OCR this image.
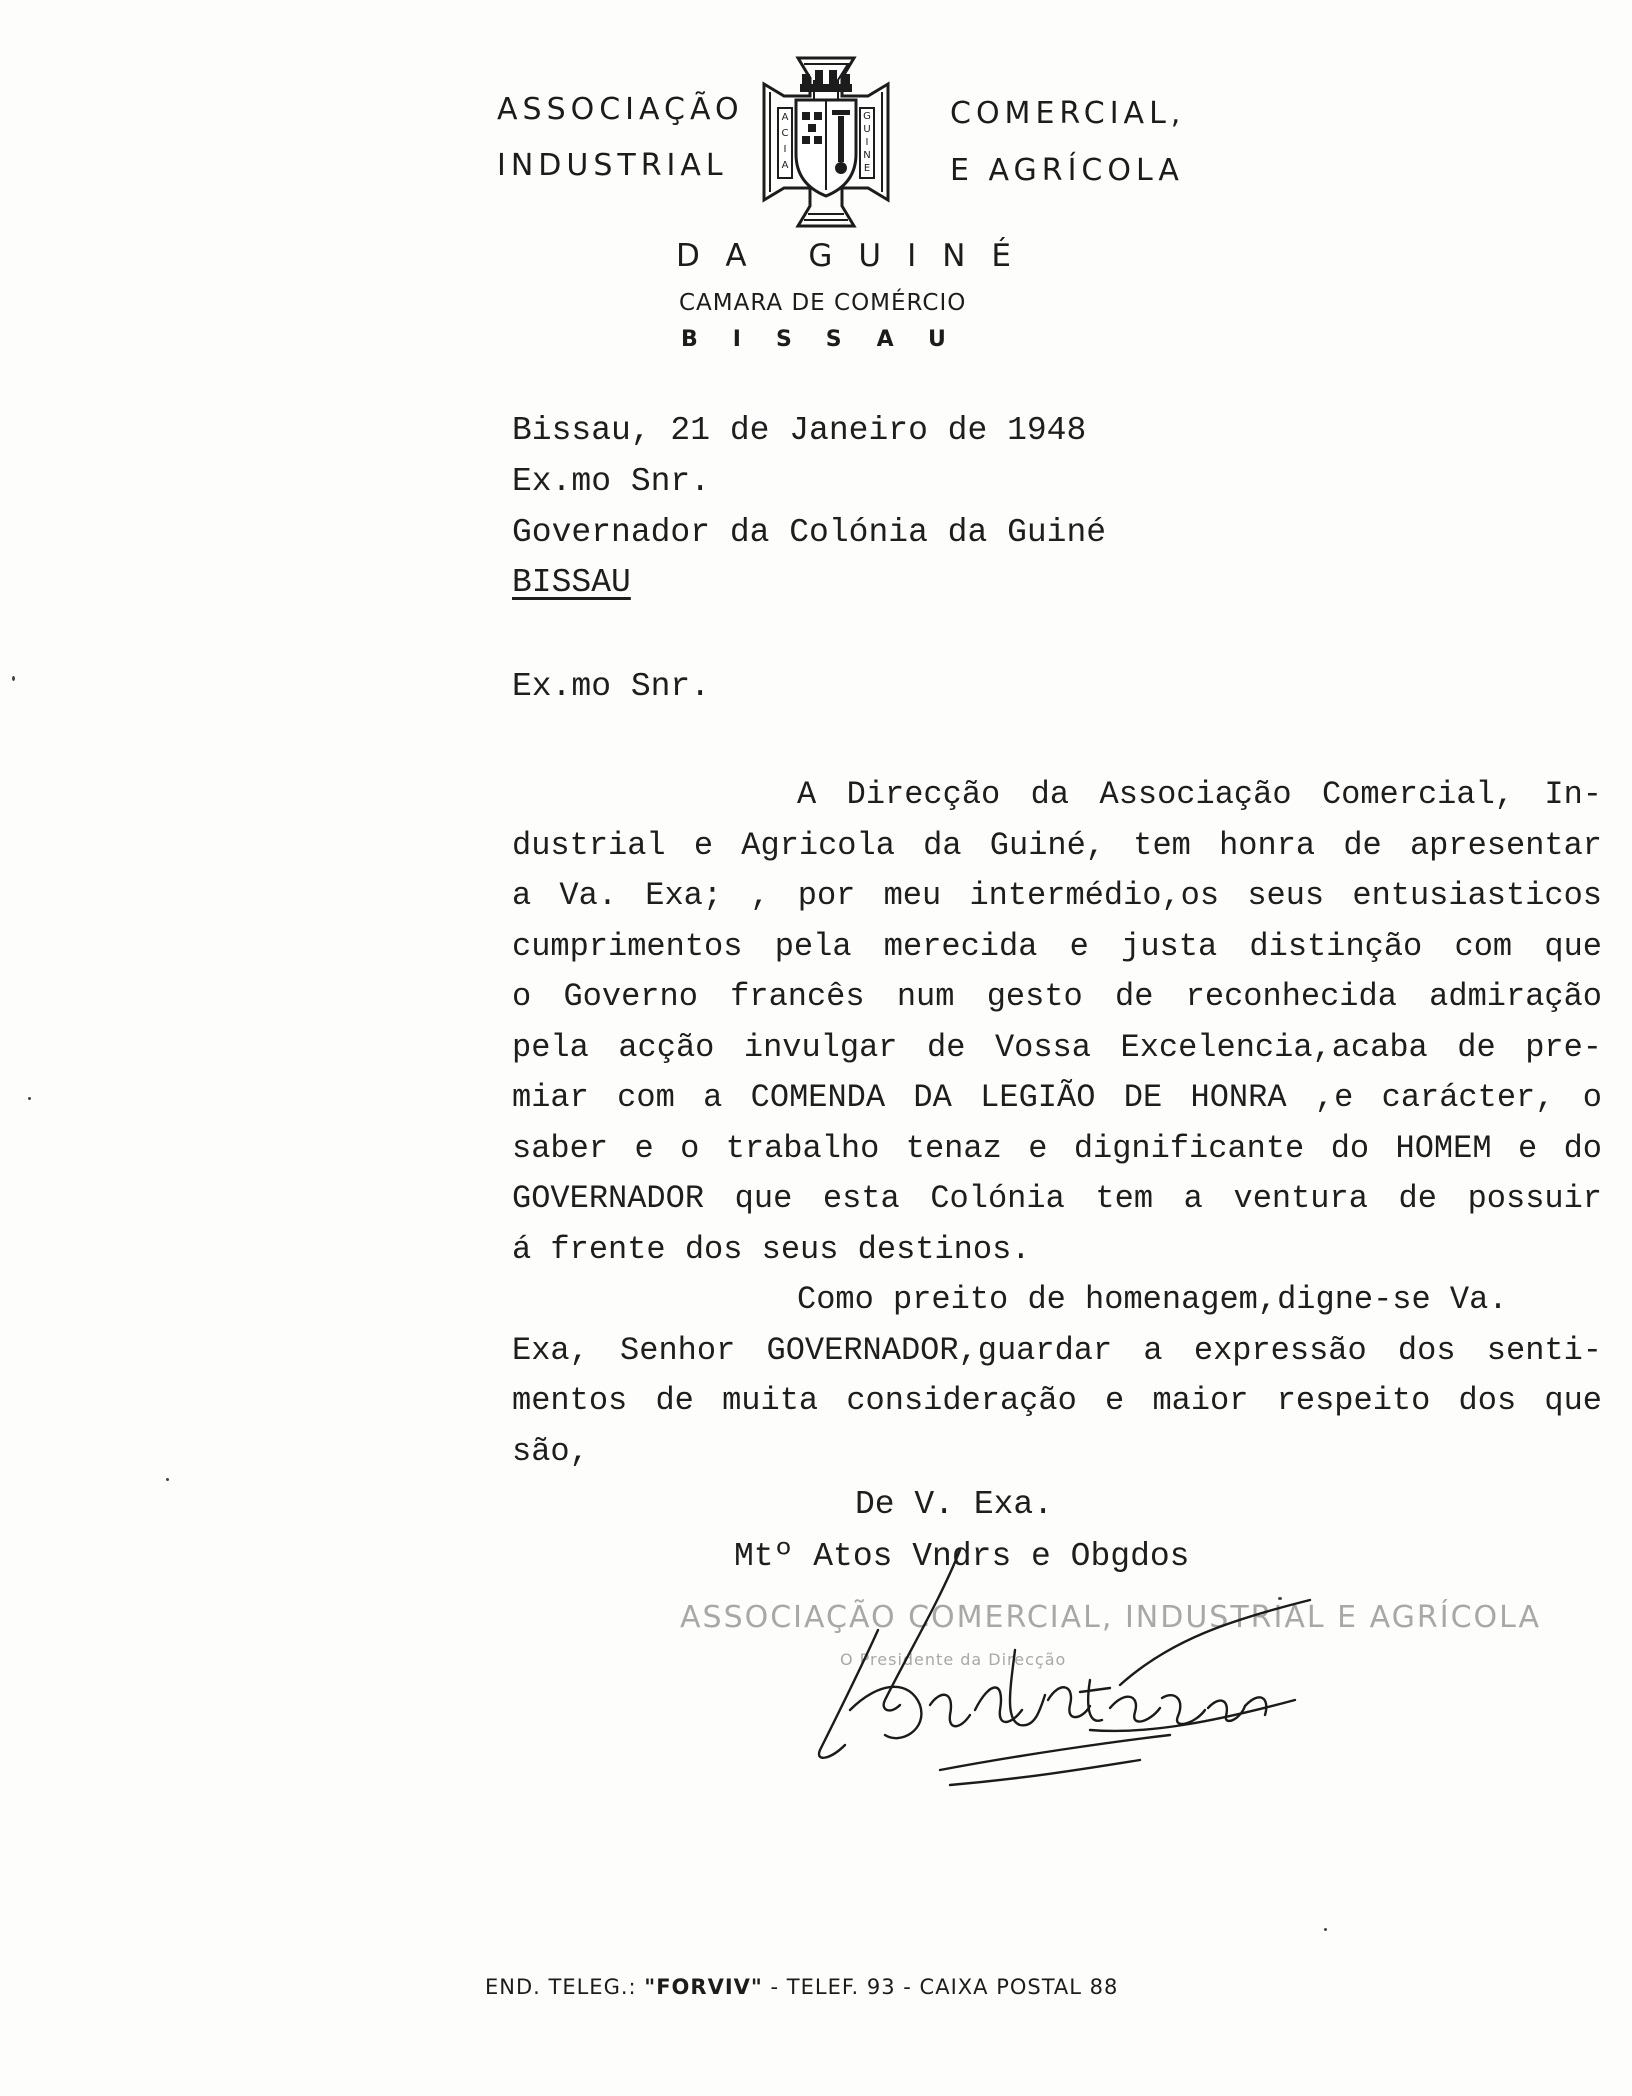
ASSOCIAÇÃO
INDUSTRIAL
COMERCIAL,
E AGRÍCOLA
A
C
I
A
G
U
I
N
E
DA GUINÉ
CAMARA DE COMÉRCIO
BISSAU
Bissau, 21 de Janeiro de 1948
Ex.mo Snr.
Governador da Colónia da Guiné
BISSAU
Ex.mo Snr.
A Direcção da Associação Comercial, In-
dustrial e Agricola da Guiné, tem honra de apresentar
a Va. Exa; , por meu intermédio,os seus entusiasticos
cumprimentos pela merecida e justa distinção com que
o Governo francês num gesto de reconhecida admiração
pela acção invulgar de Vossa Excelencia,acaba de pre-
miar com a COMENDA DA LEGIÃO DE HONRA ,e carácter, o
saber e o trabalho tenaz e dignificante do HOMEM e do
GOVERNADOR que esta Colónia tem a ventura de possuir
á frente dos seus destinos.
Como preito de homenagem,digne-se Va.
Exa, Senhor GOVERNADOR,guardar a expressão dos senti-
mentos de muita consideração e maior respeito dos que
são,
De V. Exa.
Mtº Atos Vndrs e Obgdos
ASSOCIAÇÃO COMERCIAL, INDUSTRIAL E AGRÍCOLA
O Presidente da Direcção
END. TELEG.: "FORVIV" - TELEF. 93 - CAIXA POSTAL 88
